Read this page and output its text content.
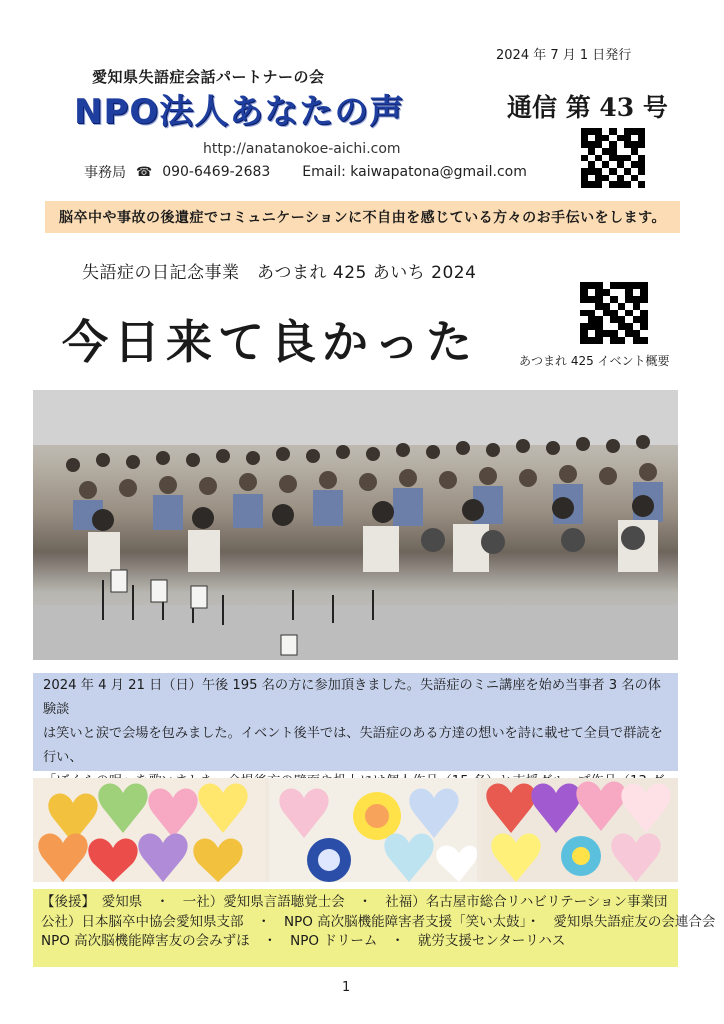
愛知県失語症会話パートナーの会
NPO法人あなたの声
2024 年 7 月 1 日発行
通信 第 43 号
http://anatanokoe-aichi.com
事務局 ☎ 090-6469-2683 Email: kaiwapatona@gmail.com
脳卒中や事故の後遺症でコミュニケーションに不自由を感じている方々のお手伝いをします。
失語症の日記念事業　あつまれ 425 あいち 2024
今日来て良かった	あつまれ 425 イベント概要

2024 年 4 月 21 日（日）午後 195 名の方に参加頂きました。失語症のミニ講座を始め当事者 3 名の体験談

は笑いと涙で会場を包みました。イベント後半では、失語症のある方達の想いを詩に載せて全員で群読を行い、

【後援】　愛知県　・　一社）愛知県言語聴覚士会　・　社福）名古屋市総合リハビリテーション事業団

公社）日本脳卒中協会愛知県支部　・　NPO 高次脳機能障害者支援「笑い太鼓」・　愛知県失語症友の会連合会

NPO 高次脳機能障害友の会みずほ　・　NPO ドリーム　・　就労支援センターリハス

1
